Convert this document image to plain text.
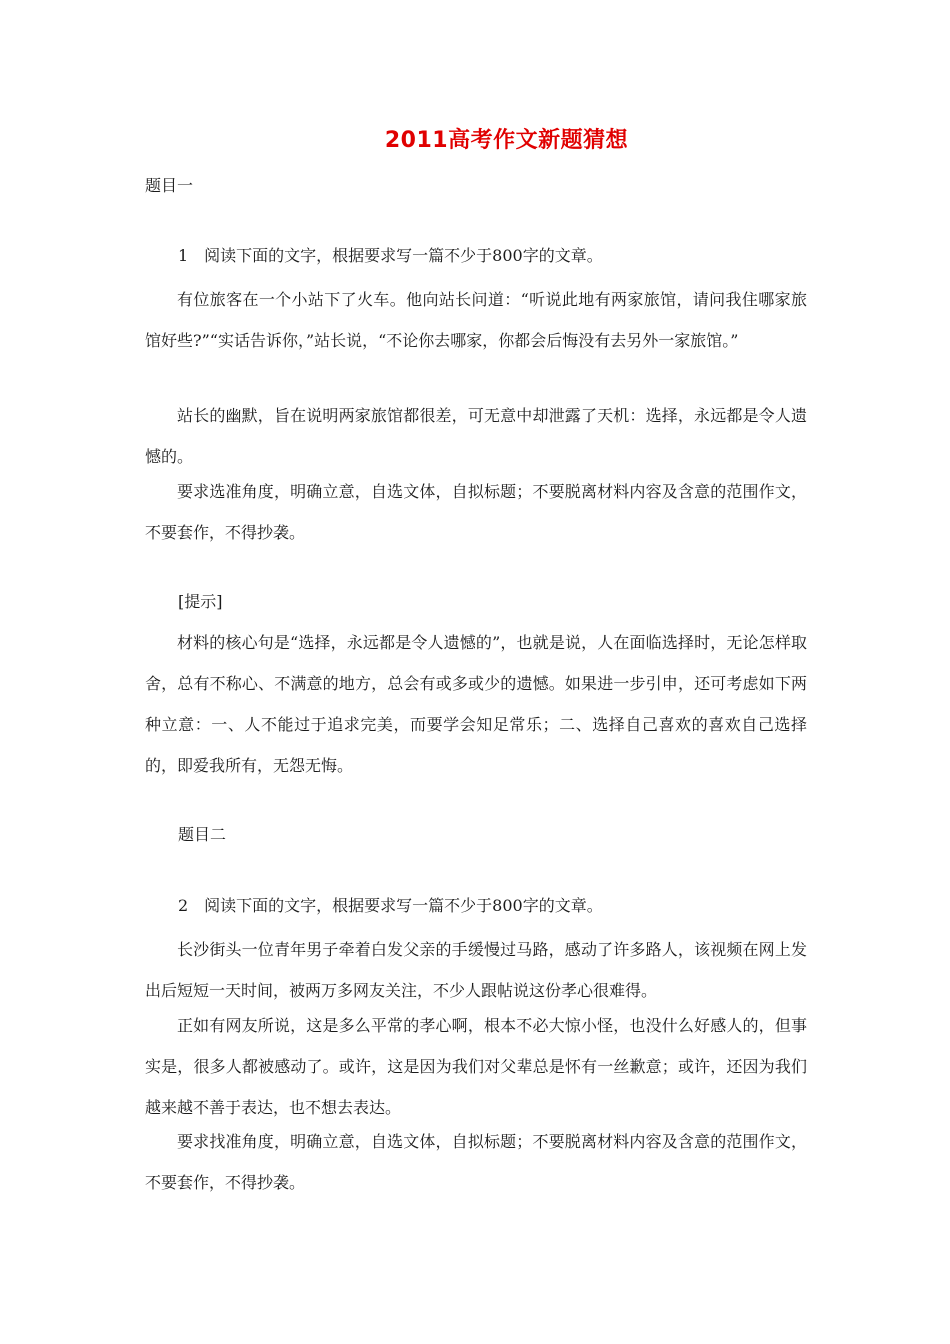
2011高考作文新题猜想
题目一
1　阅读下面的文字，根据要求写一篇不少于800字的文章。

有位旅客在一个小站下了火车。他向站长问道：“听说此地有两家旅馆，请问我住哪家旅馆好些?”“实话告诉你，”站长说，“不论你去哪家，你都会后悔没有去另外一家旅馆。”

站长的幽默，旨在说明两家旅馆都很差，可无意中却泄露了天机：选择，永远都是令人遗憾的。

要求选准角度，明确立意，自选文体，自拟标题；不要脱离材料内容及含意的范围作文，不要套作，不得抄袭。

[提示]

材料的核心句是“选择，永远都是令人遗憾的”，也就是说，人在面临选择时，无论怎样取舍，总有不称心、不满意的地方，总会有或多或少的遗憾。如果进一步引申，还可考虑如下两种立意：一、人不能过于追求完美，而要学会知足常乐；二、选择自己喜欢的喜欢自己选择的，即爱我所有，无怨无悔。

题目二
2　阅读下面的文字，根据要求写一篇不少于800字的文章。

长沙街头一位青年男子牵着白发父亲的手缓慢过马路，感动了许多路人，该视频在网上发出后短短一天时间，被两万多网友关注，不少人跟帖说这份孝心很难得。

正如有网友所说，这是多么平常的孝心啊，根本不必大惊小怪，也没什么好感人的，但事实是，很多人都被感动了。或许，这是因为我们对父辈总是怀有一丝歉意；或许，还因为我们越来越不善于表达，也不想去表达。

要求找准角度，明确立意，自选文体，自拟标题；不要脱离材料内容及含意的范围作文，不要套作，不得抄袭。
